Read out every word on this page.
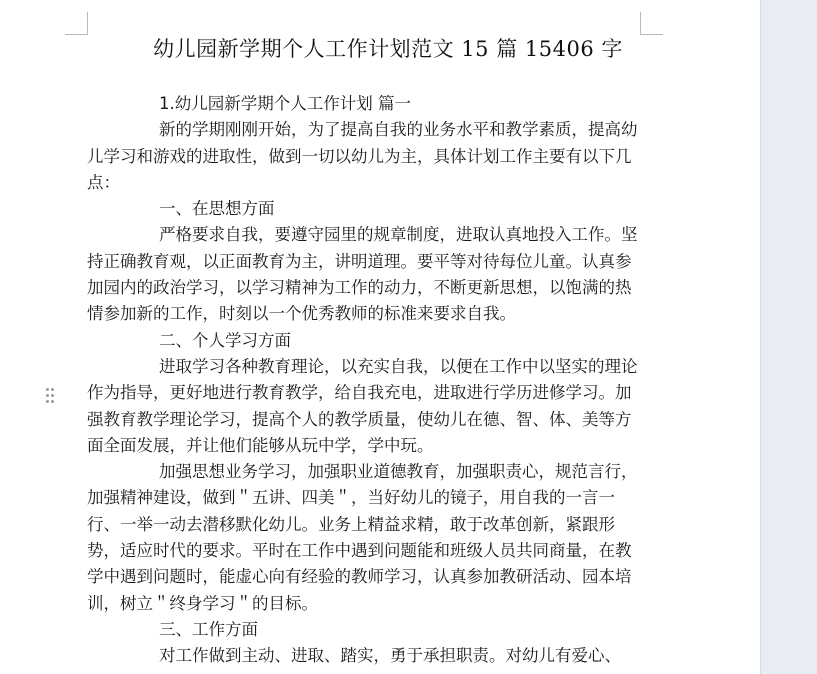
幼儿园新学期个人工作计划范文 15 篇 15406 字

1.幼儿园新学期个人工作计划 篇一

新的学期刚刚开始，为了提高自我的业务水平和教学素质，提高幼儿学习和游戏的进取性，做到一切以幼儿为主，具体计划工作主要有以下几点：

一、在思想方面

严格要求自我，要遵守园里的规章制度，进取认真地投入工作。坚持正确教育观，以正面教育为主，讲明道理。要平等对待每位儿童。认真参加园内的政治学习，以学习精神为工作的动力，不断更新思想，以饱满的热情参加新的工作，时刻以一个优秀教师的标准来要求自我。

二、个人学习方面

进取学习各种教育理论，以充实自我，以便在工作中以坚实的理论作为指导，更好地进行教育教学，给自我充电，进取进行学历进修学习。加强教育教学理论学习，提高个人的教学质量，使幼儿在德、智、体、美等方面全面发展，并让他们能够从玩中学，学中玩。

加强思想业务学习，加强职业道德教育，加强职责心，规范言行，加强精神建设，做到＂五讲、四美＂，当好幼儿的镜子，用自我的一言一行、一举一动去潜移默化幼儿。业务上精益求精，敢于改革创新，紧跟形势，适应时代的要求。平时在工作中遇到问题能和班级人员共同商量，在教学中遇到问题时，能虚心向有经验的教师学习，认真参加教研活动、园本培训，树立＂终身学习＂的目标。

三、工作方面

对工作做到主动、进取、踏实，勇于承担职责。对幼儿有爱心、
